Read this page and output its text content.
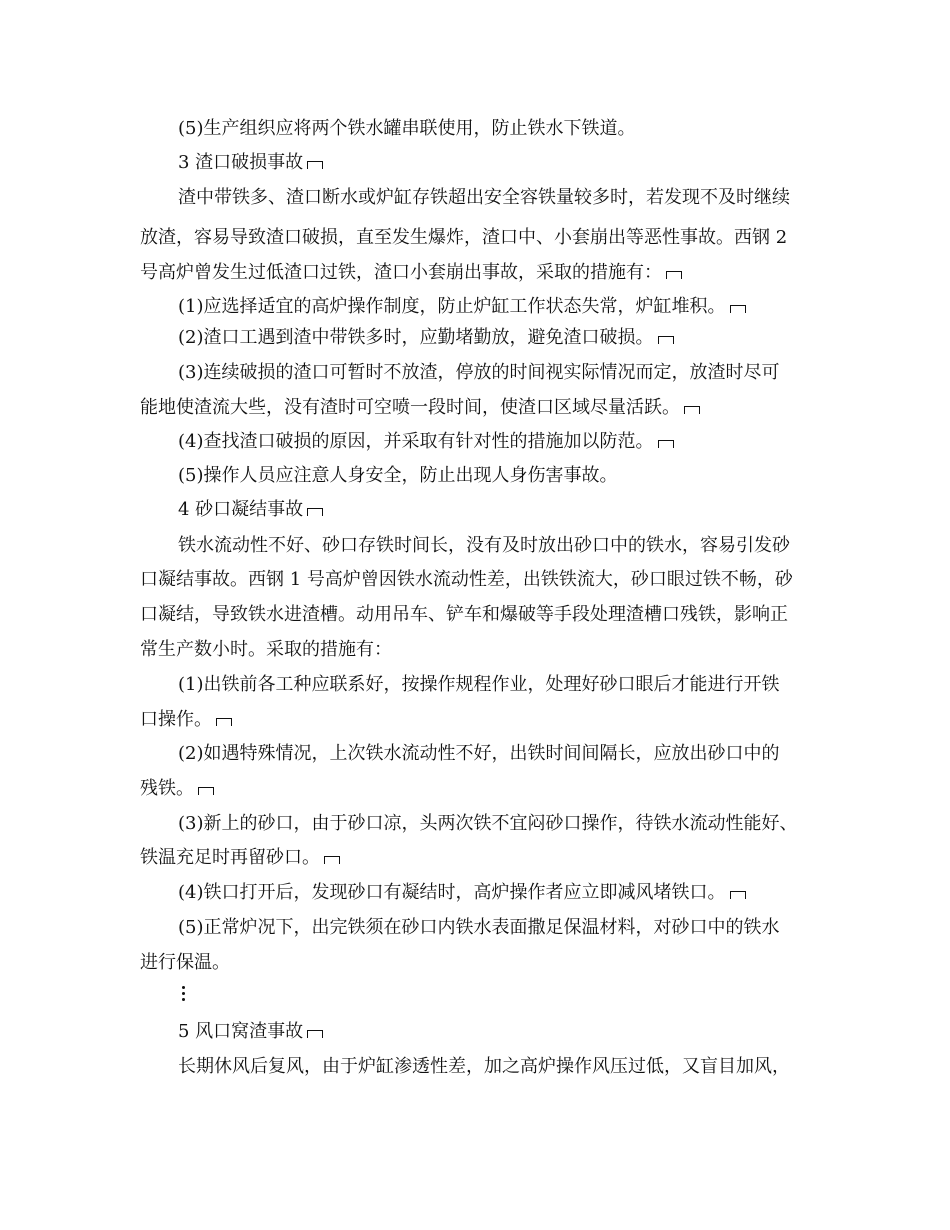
(5)生产组织应将两个铁水罐串联使用，防止铁水下铁道。
3 渣口破损事故
渣中带铁多、渣口断水或炉缸存铁超出安全容铁量较多时，若发现不及时继续
放渣，容易导致渣口破损，直至发生爆炸，渣口中、小套崩出等恶性事故。西钢 2
号高炉曾发生过低渣口过铁，渣口小套崩出事故，采取的措施有：
(1)应选择适宜的高炉操作制度，防止炉缸工作状态失常，炉缸堆积。
(2)渣口工遇到渣中带铁多时，应勤堵勤放，避免渣口破损。
(3)连续破损的渣口可暂时不放渣，停放的时间视实际情况而定，放渣时尽可
能地使渣流大些，没有渣时可空喷一段时间，使渣口区域尽量活跃。
(4)查找渣口破损的原因，并采取有针对性的措施加以防范。
(5)操作人员应注意人身安全，防止出现人身伤害事故。
4 砂口凝结事故
铁水流动性不好、砂口存铁时间长，没有及时放出砂口中的铁水，容易引发砂
口凝结事故。西钢 1 号高炉曾因铁水流动性差，出铁铁流大，砂口眼过铁不畅，砂
口凝结，导致铁水进渣槽。动用吊车、铲车和爆破等手段处理渣槽口残铁，影响正
常生产数小时。采取的措施有：
(1)出铁前各工种应联系好，按操作规程作业，处理好砂口眼后才能进行开铁
口操作。
(2)如遇特殊情况，上次铁水流动性不好，出铁时间间隔长，应放出砂口中的
残铁。
(3)新上的砂口，由于砂口凉，头两次铁不宜闷砂口操作，待铁水流动性能好、
铁温充足时再留砂口。
(4)铁口打开后，发现砂口有凝结时，高炉操作者应立即减风堵铁口。
(5)正常炉况下，出完铁须在砂口内铁水表面撒足保温材料，对砂口中的铁水
进行保温。
5 风口窝渣事故
长期休风后复风，由于炉缸渗透性差，加之高炉操作风压过低，又盲目加风，
